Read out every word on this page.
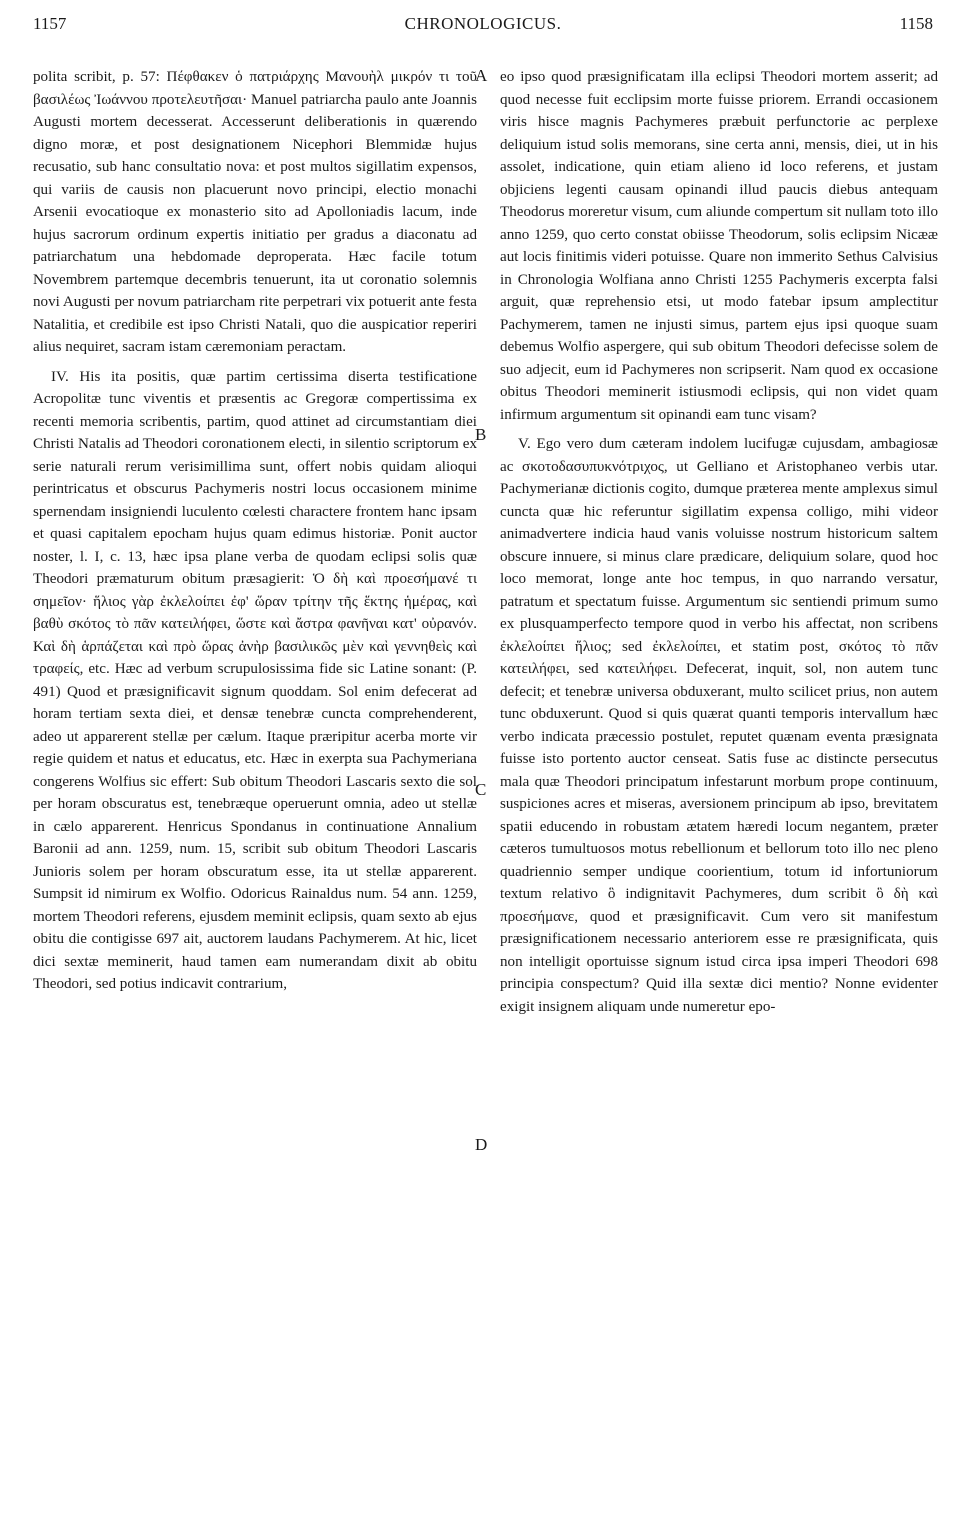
1157	CHRONOLOGICUS.	1158

polita scribit, p. 57: Πέφθακεν ὁ πατριάρχης Μανουὴλ μικρόν τι τοῦ βασιλέως Ἰωάννου προτελευτῆσαι· Manuel patriarcha paulo ante Joannis Augusti mortem decesserat. Accesserunt deliberationis in quærendo digno moræ, et post designationem Nicephori Blemmidæ hujus recusatio, sub hanc consultatio nova: et post multos sigillatim expensos, qui variis de causis non placuerunt novo principi, electio monachi Arsenii evocatioque ex monasterio sito ad Apolloniadis lacum, inde hujus sacrorum ordinum expertis initiatio per gradus a diaconatu ad patriarchatum una hebdomade deproperata. Hæc facile totum Novembrem partemque decembris tenuerunt, ita ut coronatio solemnis novi Augusti per novum patriarcham rite perpetrari vix potuerit ante festa Natalitia, et credibile est ipso Christi Natali, quo die auspicatior reperiri alius nequiret, sacram istam cæremoniam peractam.

IV. His ita positis, quæ partim certissima diserta testificatione Acropolitæ tunc viventis et præsentis ac Gregoræ compertissima ex recenti memoria scribentis, partim, quod attinet ad circumstantiam diei Christi Natalis ad Theodori coronationem electi, in silentio scriptorum ex serie naturali rerum verisimillima sunt, offert nobis quidam alioqui perintricatus et obscurus Pachymeris nostri locus occasionem minime spernendam insigniendi luculento cœlesti charactere frontem hanc ipsam et quasi capitalem epocham hujus quam edimus historiæ. Ponit auctor noster, l. I, c. 13, hæc ipsa plane verba de quodam eclipsi solis quæ Theodori præmaturum obitum præsagierit: Ὁ δὴ καὶ προεσήμανέ τι σημεῖον· ἥλιος γὰρ ἐκλελοίπει ἐφ' ὥραν τρίτην τῆς ἕκτης ἡμέρας, καὶ βαθὺ σκότος τὸ πᾶν κατειλήφει, ὥστε καὶ ἄστρα φανῆναι κατ' οὐρανόν. Καὶ δὴ ἁρπάζεται καὶ πρὸ ὥρας ἀνὴρ βασιλικῶς μὲν καὶ γεννηθεὶς καὶ τραφείς, etc. Hæc ad verbum scrupulosissima fide sic Latine sonant: (P. 491) Quod et præsignificavit signum quoddam. Sol enim defecerat ad horam tertiam sexta diei, et densæ tenebræ cuncta comprehenderent, adeo ut apparerent stellæ per cælum. Itaque præripitur acerba morte vir regie quidem et natus et educatus, etc. Hæc in exerpta sua Pachymeriana congerens Wolfius sic effert: Sub obitum Theodori Lascaris sexto die sol per horam obscuratus est, tenebræque operuerunt omnia, adeo ut stellæ in cælo apparerent. Henricus Spondanus in continuatione Annalium Baronii ad ann. 1259, num. 15, scribit sub obitum Theodori Lascaris Junioris solem per horam obscuratum esse, ita ut stellæ apparerent. Sumpsit id nimirum ex Wolfio. Odoricus Rainaldus num. 54 ann. 1259, mortem Theodori referens, ejusdem meminit eclipsis, quam sexto ab ejus obitu die contigisse 697 ait, auctorem laudans Pachymerem. At hic, licet dici sextæ meminerit, haud tamen eam numerandam dixit ab obitu Theodori, sed potius indicavit contrarium,

eo ipso quod præsignificatam illa eclipsi Theodori mortem asserit; ad quod necesse fuit ecclipsim morte fuisse priorem. Errandi occasionem viris hisce magnis Pachymeres præbuit perfunctorie ac perplexe deliquium istud solis memorans, sine certa anni, mensis, diei, ut in his assolet, indicatione, quin etiam alieno id loco referens, et justam objiciens legenti causam opinandi illud paucis diebus antequam Theodorus moreretur visum, cum aliunde compertum sit nullam toto illo anno 1259, quo certo constat obiisse Theodorum, solis eclipsim Nicææ aut locis finitimis videri potuisse. Quare non immerito Sethus Calvisius in Chronologia Wolfiana anno Christi 1255 Pachymeris excerpta falsi arguit, quæ reprehensio etsi, ut modo fatebar ipsum amplectitur Pachymerem, tamen ne injusti simus, partem ejus ipsi quoque suam debemus Wolfio aspergere, qui sub obitum Theodori defecisse solem de suo adjecit, eum id Pachymeres non scripserit. Nam quod ex occasione obitus Theodori meminerit istiusmodi eclipsis, qui non videt quam infirmum argumentum sit opinandi eam tunc visam?

V. Ego vero dum cæteram indolem lucifugæ cujusdam, ambagiosæ ac σκοτοδασυπυκνότριχος, ut Gelliano et Aristophaneo verbis utar. Pachymerianæ dictionis cogito, dumque præterea mente amplexus simul cuncta quæ hic referuntur sigillatim expensa colligo, mihi videor animadvertere indicia haud vanis voluisse nostrum historicum saltem obscure innuere, si minus clare prædicare, deliquium solare, quod hoc loco memorat, longe ante hoc tempus, in quo narrando versatur, patratum et spectatum fuisse. Argumentum sic sentiendi primum sumo ex plusquamperfecto tempore quod in verbo his affectat, non scribens ἐκλελοίπει ἥλιος; sed ἐκλελοίπει, et statim post, σκότος τὸ πᾶν κατειλήφει, sed κατειλήφει. Defecerat, inquit, sol, non autem tunc defecit; et tenebræ universa obduxerant, multo scilicet prius, non autem tunc obduxerunt. Quod si quis quærat quanti temporis intervallum hæc verbo indicata præcessio postulet, reputet quænam eventa præsignata fuisse isto portento auctor censeat. Satis fuse ac distincte persecutus mala quæ Theodori principatum infestarunt morbum prope continuum, suspiciones acres et miseras, aversionem principum ab ipso, brevitatem spatii educendo in robustam ætatem hæredi locum negantem, præter cæteros tumultuosos motus rebellionum et bellorum toto illo nec pleno quadriennio semper undique coorientium, totum id infortuniorum textum relativo ὃ indignitavit Pachymeres, dum scribit ὃ δὴ καὶ προεσήμανε, quod et præsignificavit. Cum vero sit manifestum præsignificationem necessario anteriorem esse re præsignificata, quis non intelligit oportuisse signum istud circa ipsa imperi Theodori 698 principia conspectum? Quid illa sextæ dici mentio? Nonne evidenter exigit insignem aliquam unde numeretur epo-

A
B
C
D
